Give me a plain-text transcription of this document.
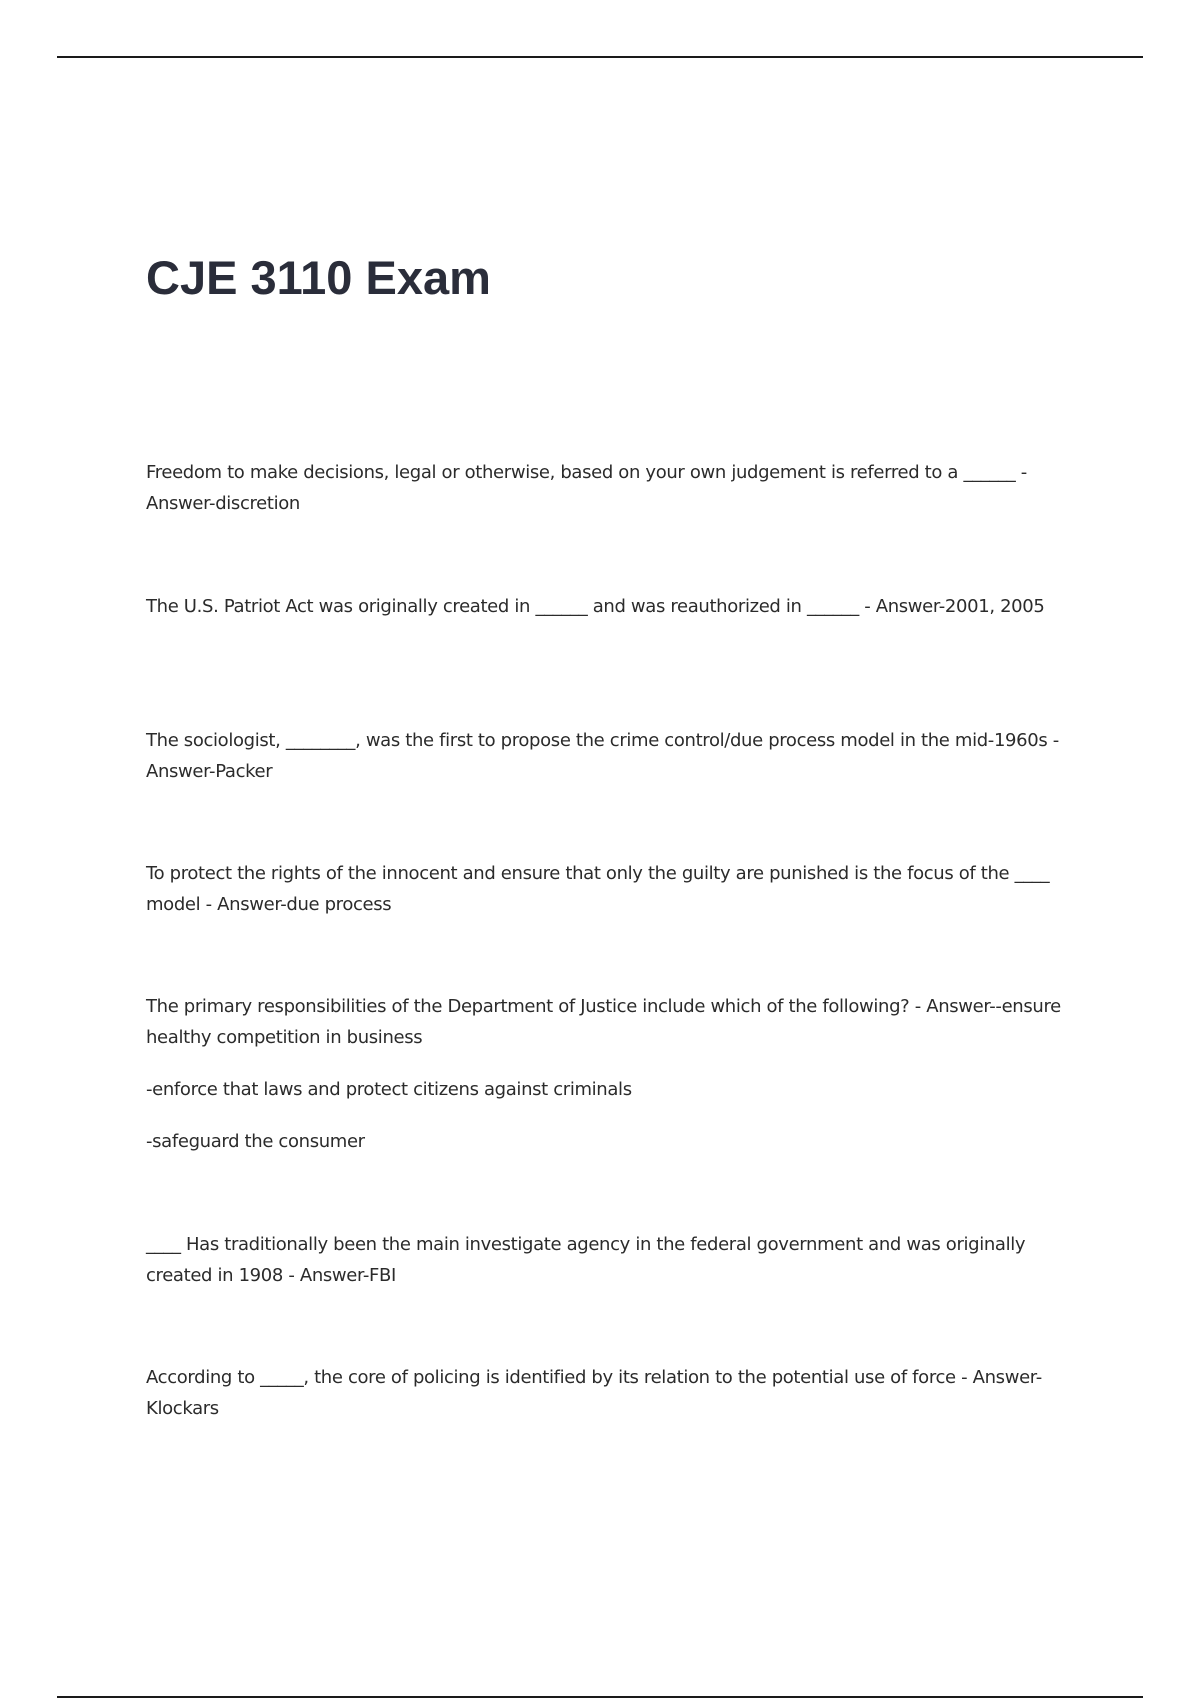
CJE 3110 Exam

Freedom to make decisions, legal or otherwise, based on your own judgement is referred to a ______ - Answer-discretion

The U.S. Patriot Act was originally created in ______ and was reauthorized in ______ - Answer-2001, 2005

The sociologist, ________, was the first to propose the crime control/due process model in the mid-1960s - Answer-Packer

To protect the rights of the innocent and ensure that only the guilty are punished is the focus of the ____ model - Answer-due process

The primary responsibilities of the Department of Justice include which of the following? - Answer--ensure healthy competition in business

-enforce that laws and protect citizens against criminals

-safeguard the consumer

____ Has traditionally been the main investigate agency in the federal government and was originally created in 1908 - Answer-FBI

According to _____, the core of policing is identified by its relation to the potential use of force - Answer-Klockars
